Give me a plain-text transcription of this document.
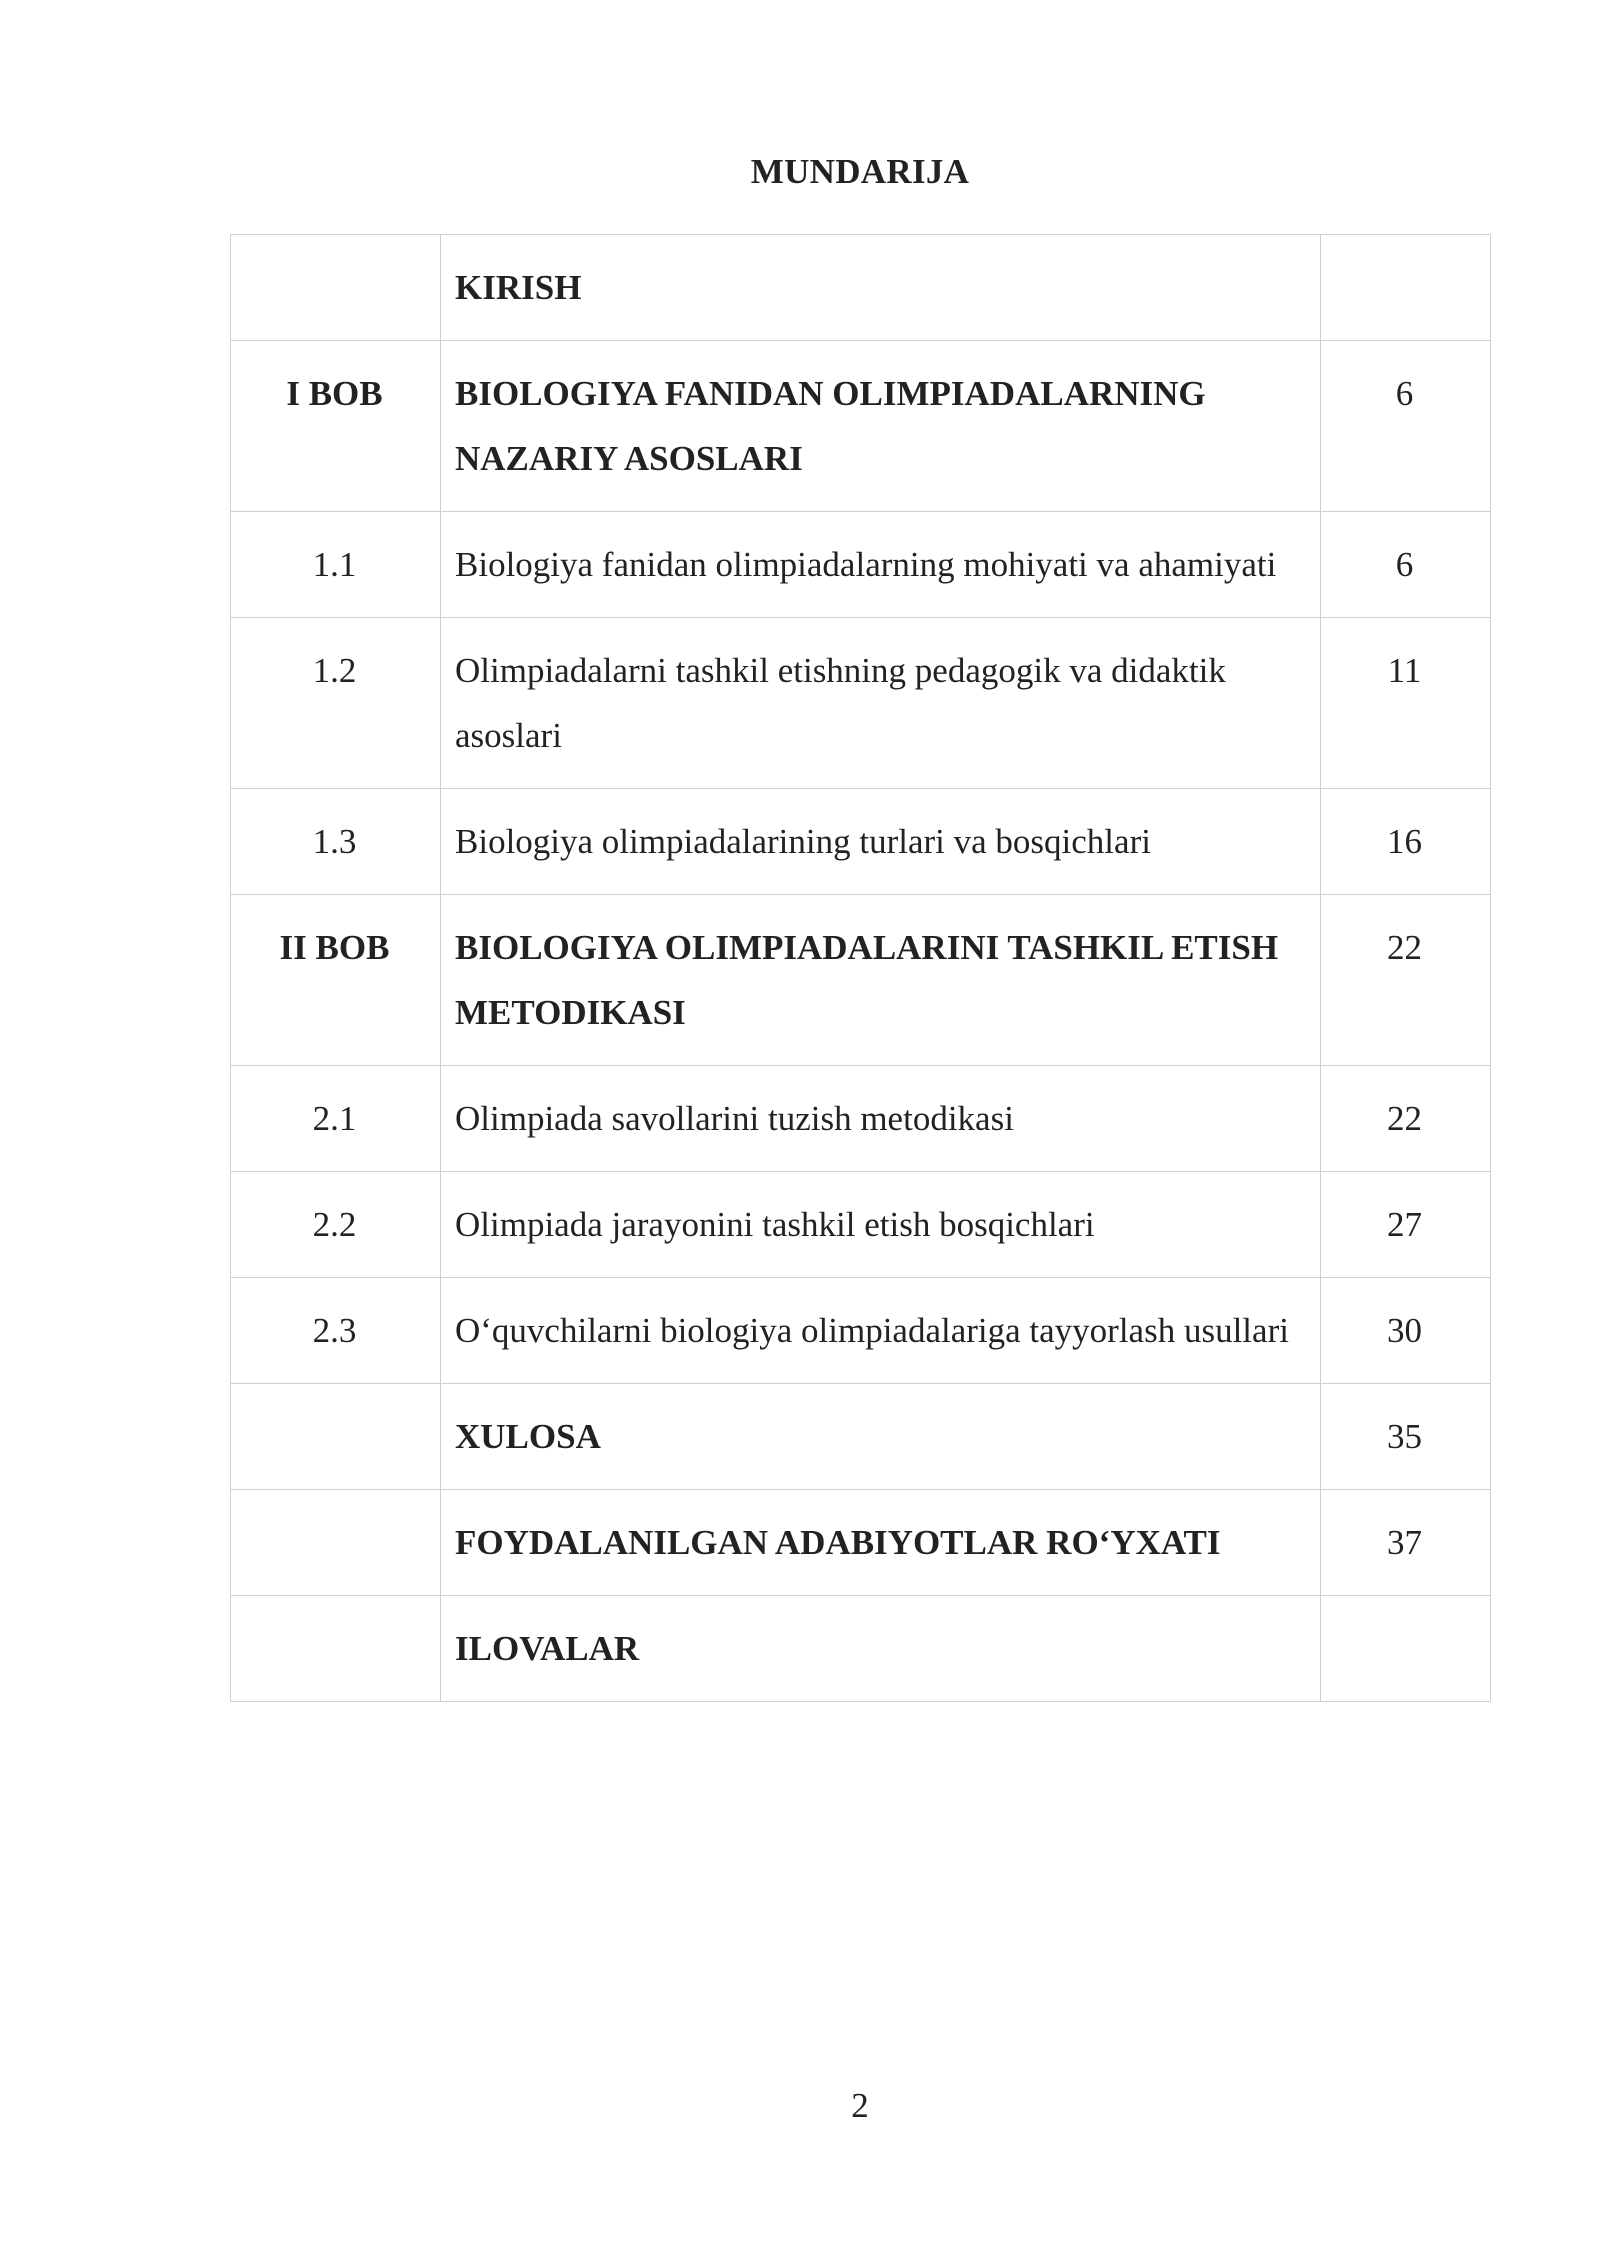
MUNDARIJA
	KIRISH	
I BOB	BIOLOGIYA FANIDAN OLIMPIADALARNING NAZARIY ASOSLARI	6
1.1	Biologiya fanidan olimpiadalarning mohiyati va ahamiyati	6
1.2	Olimpiadalarni tashkil etishning pedagogik va didaktik asoslari	11
1.3	Biologiya olimpiadalarining turlari va bosqichlari	16
II BOB	BIOLOGIYA OLIMPIADALARINI TASHKIL ETISH METODIKASI	22
2.1	Olimpiada savollarini tuzish metodikasi	22
2.2	Olimpiada jarayonini tashkil etish bosqichlari	27
2.3	O‘quvchilarni biologiya olimpiadalariga tayyorlash usullari	30
	XULOSA	35
	FOYDALANILGAN ADABIYOTLAR RO‘YXATI	37
	ILOVALAR	
2
